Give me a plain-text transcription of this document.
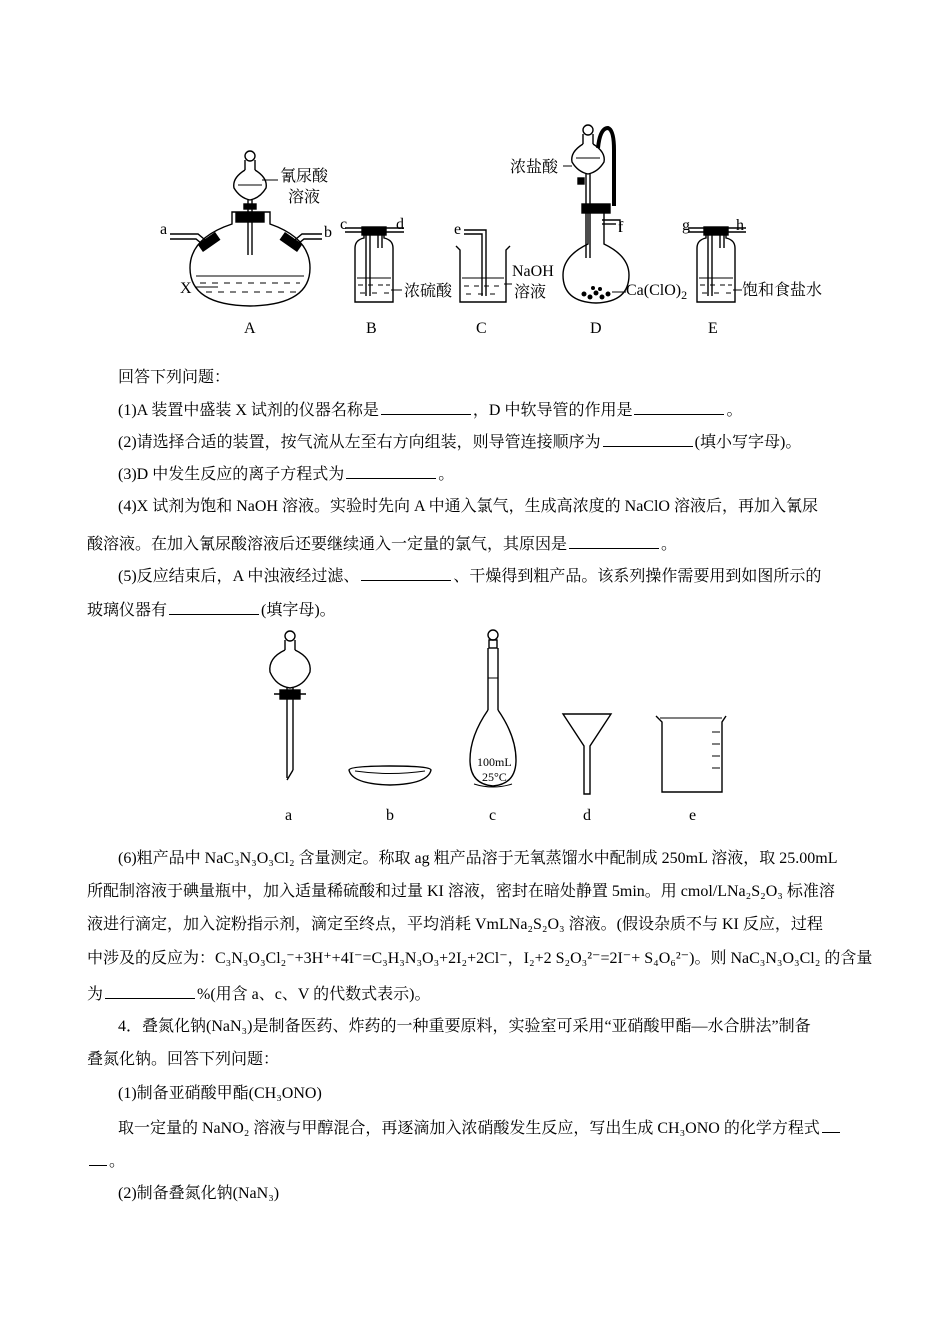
a	b
X
氰尿酸
溶液
c	d
浓硫酸
e
NaOH
溶液
浓盐酸
f
$Ca(ClO)_2$
g	h
饱和食盐水
A	B	C	D	E
回答下列问题：
(1)A 装置中盛装 X 试剂的仪器名称是	，D 中软导管的作用是	。
(2)请选择合适的装置，按气流从左至右方向组装，则导管连接顺序为	(填小写字母)。
(3)D 中发生反应的离子方程式为	。
(4)X 试剂为饱和 NaOH 溶液。实验时先向 A 中通入氯气，生成高浓度的 NaClO 溶液后，再加入氰尿
酸溶液。在加入氰尿酸溶液后还要继续通入一定量的氯气，其原因是	。
(5)反应结束后，A 中浊液经过滤、	、干燥得到粗产品。该系列操作需要用到如图所示的
玻璃仪器有	(填字母)。
100mL
25°C
a	b	c	d	e
(6)粗产品中 NaC₃N₃O₃Cl₂ 含量测定。称取 ag 粗产品溶于无氧蒸馏水中配制成 250mL 溶液，取 25.00mL
所配制溶液于碘量瓶中，加入适量稀硫酸和过量 KI 溶液，密封在暗处静置 5min。用 cmol/LNa₂S₂O₃ 标准溶
液进行滴定，加入淀粉指示剂，滴定至终点，平均消耗 VmLNa₂S₂O₃ 溶液。(假设杂质不与 KI 反应，过程
中涉及的反应为：C₃N₃O₃Cl₂⁻+3H⁺+4I⁻=C₃H₃N₃O₃+2I₂+2Cl⁻，I₂+2 S₂O₃²⁻=2I⁻+ S₄O₆²⁻)。则 NaC₃N₃O₃Cl₂ 的含量
为	%(用含 a、c、V 的代数式表示)。
4．叠氮化钠(NaN₃)是制备医药、炸药的一种重要原料，实验室可采用“亚硝酸甲酯—水合肼法”制备
叠氮化钠。回答下列问题：
(1)制备亚硝酸甲酯(CH₃ONO)
取一定量的 NaNO₂ 溶液与甲醇混合，再逐滴加入浓硝酸发生反应，写出生成 CH₃ONO 的化学方程式
。
(2)制备叠氮化钠(NaN₃)
